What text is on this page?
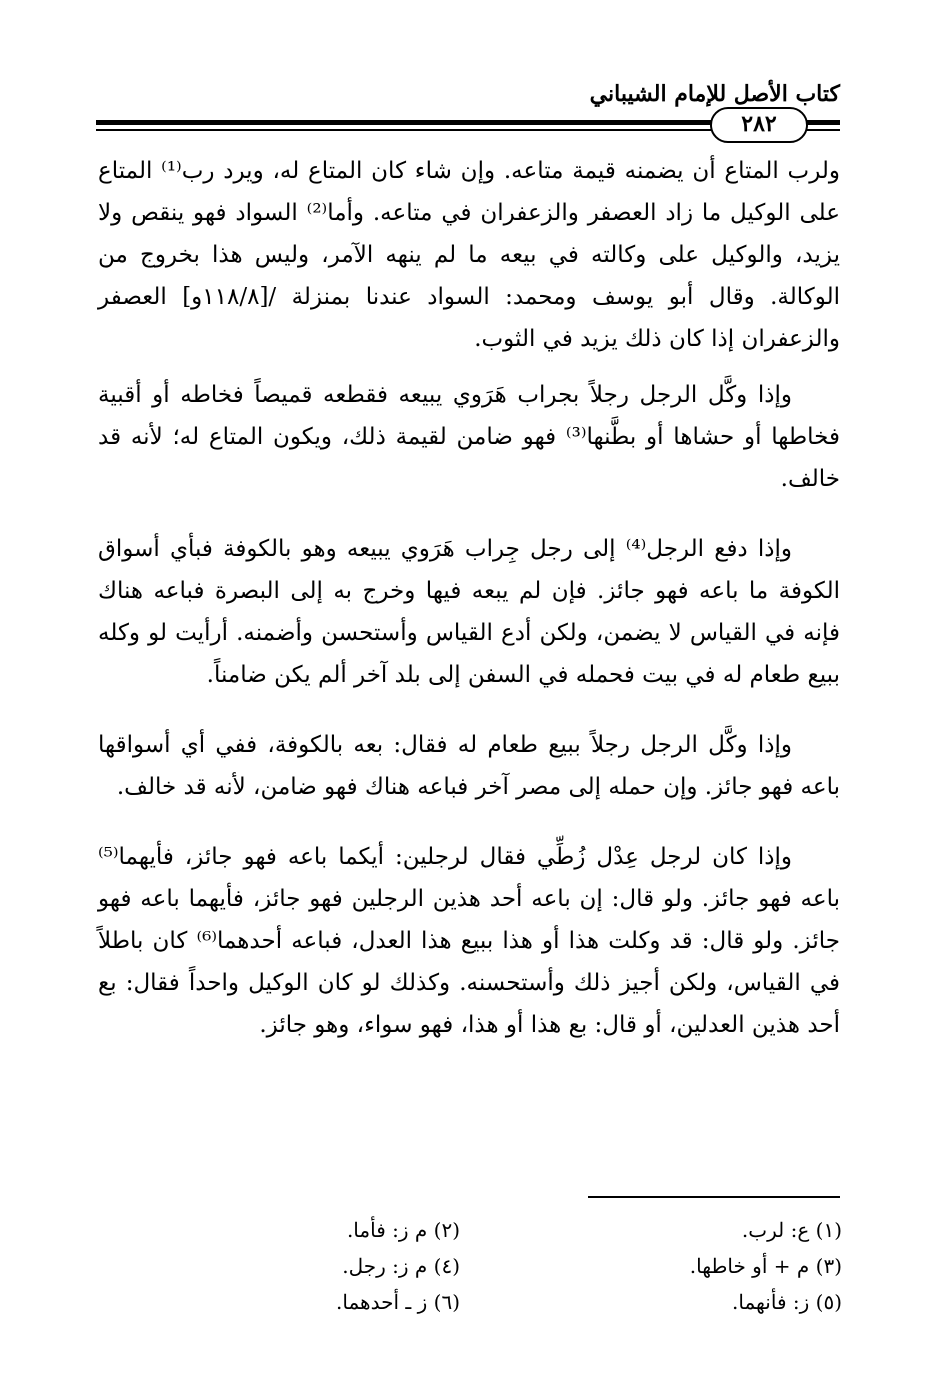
كتاب الأصل للإمام الشيباني
٢٨٢

ولرب المتاع أن يضمنه قيمة متاعه. وإن شاء كان المتاع له، ويرد رب⁽¹⁾ المتاع على الوكيل ما زاد العصفر والزعفران في متاعه. وأما⁽²⁾ السواد فهو ينقص ولا يزيد، والوكيل على وكالته في بيعه ما لم ينهه الآمر، وليس هذا بخروج من الوكالة. وقال أبو يوسف ومحمد: السواد عندنا بمنزلة /[١١٨/٨و] العصفر والزعفران إذا كان ذلك يزيد في الثوب.

وإذا وكَّل الرجل رجلاً بجراب هَرَوي يبيعه فقطعه قميصاً فخاطه أو أقبية فخاطها أو حشاها أو بطَّنها⁽³⁾ فهو ضامن لقيمة ذلك، ويكون المتاع له؛ لأنه قد خالف.

وإذا دفع الرجل⁽⁴⁾ إلى رجل جِراب هَرَوي يبيعه وهو بالكوفة فبأي أسواق الكوفة ما باعه فهو جائز. فإن لم يبعه فيها وخرج به إلى البصرة فباعه هناك فإنه في القياس لا يضمن، ولكن أدع القياس وأستحسن وأضمنه. أرأيت لو وكله ببيع طعام له في بيت فحمله في السفن إلى بلد آخر ألم يكن ضامناً.

وإذا وكَّل الرجل رجلاً ببيع طعام له فقال: بعه بالكوفة، ففي أي أسواقها باعه فهو جائز. وإن حمله إلى مصر آخر فباعه هناك فهو ضامن، لأنه قد خالف.

وإذا كان لرجل عِدْل زُطِّي فقال لرجلين: أيكما باعه فهو جائز، فأيهما⁽⁵⁾ باعه فهو جائز. ولو قال: إن باعه أحد هذين الرجلين فهو جائز، فأيهما باعه فهو جائز. ولو قال: قد وكلت هذا أو هذا ببيع هذا العدل، فباعه أحدهما⁽⁶⁾ كان باطلاً في القياس، ولكن أجيز ذلك وأستحسنه. وكذلك لو كان الوكيل واحداً فقال: بع أحد هذين العدلين، أو قال: بع هذا أو هذا، فهو سواء، وهو جائز.

(١) ع: لرب.
(٣) م + أو خاطها.
(٥) ز: فأنهما.
(٢) م ز: فأما.
(٤) م ز: رجل.
(٦) ز ـ أحدهما.
